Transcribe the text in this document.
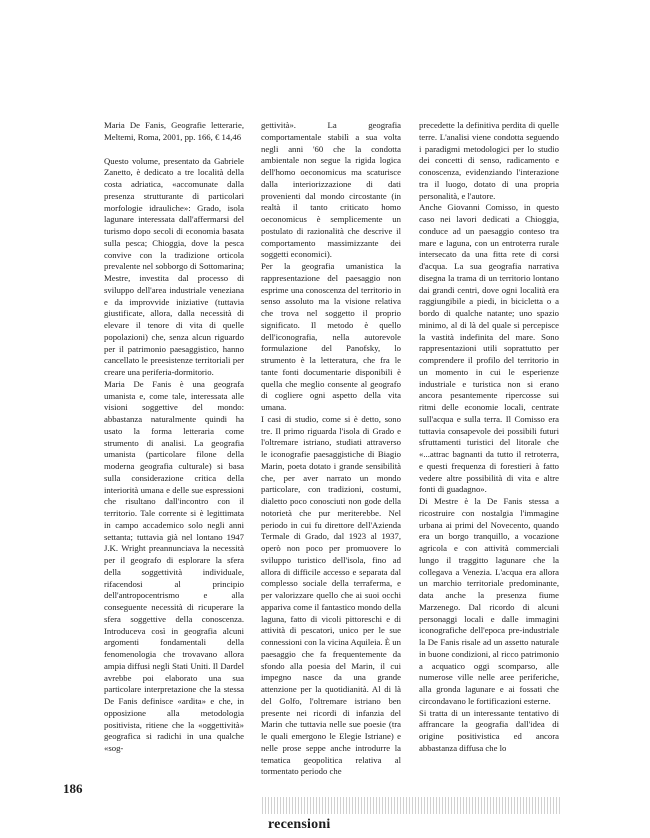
Maria De Fanis, Geografie letterarie, Meltemi, Roma, 2001, pp. 166, € 14,46

Questo volume, presentato da Gabriele Zanetto, è dedicato a tre località della costa adriatica, «accomunate dalla presenza strutturante di particolari morfologie idrauliche»: Grado, isola lagunare interessata dall'affermarsi del turismo dopo secoli di economia basata sulla pesca; Chioggia, dove la pesca convive con la tradizione orticola prevalente nel sobborgo di Sottomarina; Mestre, investita dal processo di sviluppo dell'area industriale veneziana e da improvvide iniziative (tuttavia giustificate, allora, dalla necessità di elevare il tenore di vita di quelle popolazioni) che, senza alcun riguardo per il patrimonio paesaggistico, hanno cancellato le preesistenze territoriali per creare una periferia-dormitorio.

Maria De Fanis è una geografa umanista e, come tale, interessata alle visioni soggettive del mondo: abbastanza naturalmente quindi ha usato la forma letteraria come strumento di analisi. La geografia umanista (particolare filone della moderna geografia culturale) si basa sulla considerazione critica della interiorità umana e delle sue espressioni che risultano dall'incontro con il territorio. Tale corrente si è legittimata in campo accademico solo negli anni settanta; tuttavia già nel lontano 1947 J.K. Wright preannunciava la necessità per il geografo di esplorare la sfera della soggettività individuale, rifacendosi al principio dell'antropocentrismo e alla conseguente necessità di ricuperare la sfera soggettive della conoscenza. Introduceva così in geografia alcuni argomenti fondamentali della fenomenologia che trovavano allora ampia diffusi negli Stati Uniti. Il Dardel avrebbe poi elaborato una sua particolare interpretazione che la stessa De Fanis definisce «ardita» e che, in opposizione alla metodologia positivista, ritiene che la «oggettività» geografica si radichi in una qualche «sog-

gettività». La geografia comportamentale stabilì a sua volta negli anni '60 che la condotta ambientale non segue la rigida logica dell'homo oeconomicus ma scaturisce dalla interiorizzazione di dati provenienti dal mondo circostante (in realtà il tanto criticato homo oeconomicus è semplicemente un postulato di razionalità che descrive il comportamento massimizzante dei soggetti economici).

Per la geografia umanistica la rappresentazione del paesaggio non esprime una conoscenza del territorio in senso assoluto ma la visione relativa che trova nel soggetto il proprio significato. Il metodo è quello dell'iconografia, nella autorevole formulazione del Panofsky, lo strumento è la letteratura, che fra le tante fonti documentarie disponibili è quella che meglio consente al geografo di cogliere ogni aspetto della vita umana.

I casi di studio, come si è detto, sono tre. Il primo riguarda l'isola di Grado e l'oltremare istriano, studiati attraverso le iconografie paesaggistiche di Biagio Marin, poeta dotato i grande sensibilità che, per aver narrato un mondo particolare, con tradizioni, costumi, dialetto poco conosciuti non gode della notorietà che pur meriterebbe. Nel periodo in cui fu direttore dell'Azienda Termale di Grado, dal 1923 al 1937, operò non poco per promuovere lo sviluppo turistico dell'isola, fino ad allora di difficile accesso e separata dal complesso sociale della terraferma, e per valorizzare quello che ai suoi occhi appariva come il fantastico mondo della laguna, fatto di vicoli pittoreschi e di attività di pescatori, unico per le sue connessioni con la vicina Aquileia. È un paesaggio che fa frequentemente da sfondo alla poesia del Marin, il cui impegno nasce da una grande attenzione per la quotidianità. Al di là del Golfo, l'oltremare istriano ben presente nei ricordi di infanzia del Marin che tuttavia nelle sue poesie (tra le quali emergono le Elegie Istriane) e nelle prose seppe anche introdurre la tematica geopolitica relativa al tormentato periodo che

precedette la definitiva perdita di quelle terre. L'analisi viene condotta seguendo i paradigmi metodologici per lo studio dei concetti di senso, radicamento e conoscenza, evidenziando l'interazione tra il luogo, dotato di una propria personalità, e l'autore.

Anche Giovanni Comisso, in questo caso nei lavori dedicati a Chioggia, conduce ad un paesaggio conteso tra mare e laguna, con un entroterra rurale intersecato da una fitta rete di corsi d'acqua. La sua geografia narrativa disegna la trama di un territorio lontano dai grandi centri, dove ogni località era raggiungibile a piedi, in bicicletta o a bordo di qualche natante; uno spazio minimo, al di là del quale si percepisce la vastità indefinita del mare. Sono rappresentazioni utili soprattutto per comprendere il profilo del territorio in un momento in cui le esperienze industriale e turistica non si erano ancora pesantemente ripercosse sui ritmi delle economie locali, centrate sull'acqua e sulla terra. Il Comisso era tuttavia consapevole dei possibili futuri sfruttamenti turistici del litorale che «...attrac bagnanti da tutto il retroterra, e questi frequenza di forestieri à fatto vedere altre possibilità di vita e altre fonti di guadagno».

Di Mestre è la De Fanis stessa a ricostruire con nostalgia l'immagine urbana ai primi del Novecento, quando era un borgo tranquillo, a vocazione agricola e con attività commerciali lungo il traggitto lagunare che la collegava a Venezia. L'acqua era allora un marchio territoriale predominante, data anche la presenza fiume Marzenego. Dal ricordo di alcuni personaggi locali e dalle immagini iconografiche dell'epoca pre-industriale la De Fanis risale ad un assetto naturale in buone condizioni, al ricco patrimonio a acquatico oggi scomparso, alle numerose ville nelle aree periferiche, alla gronda lagunare e ai fossati che circondavano le fortificazioni esterne.

Si tratta di un interessante tentativo di affrancare la geografia dall'idea di origine positivistica ed ancora abbastanza diffusa che lo

186
recensioni
